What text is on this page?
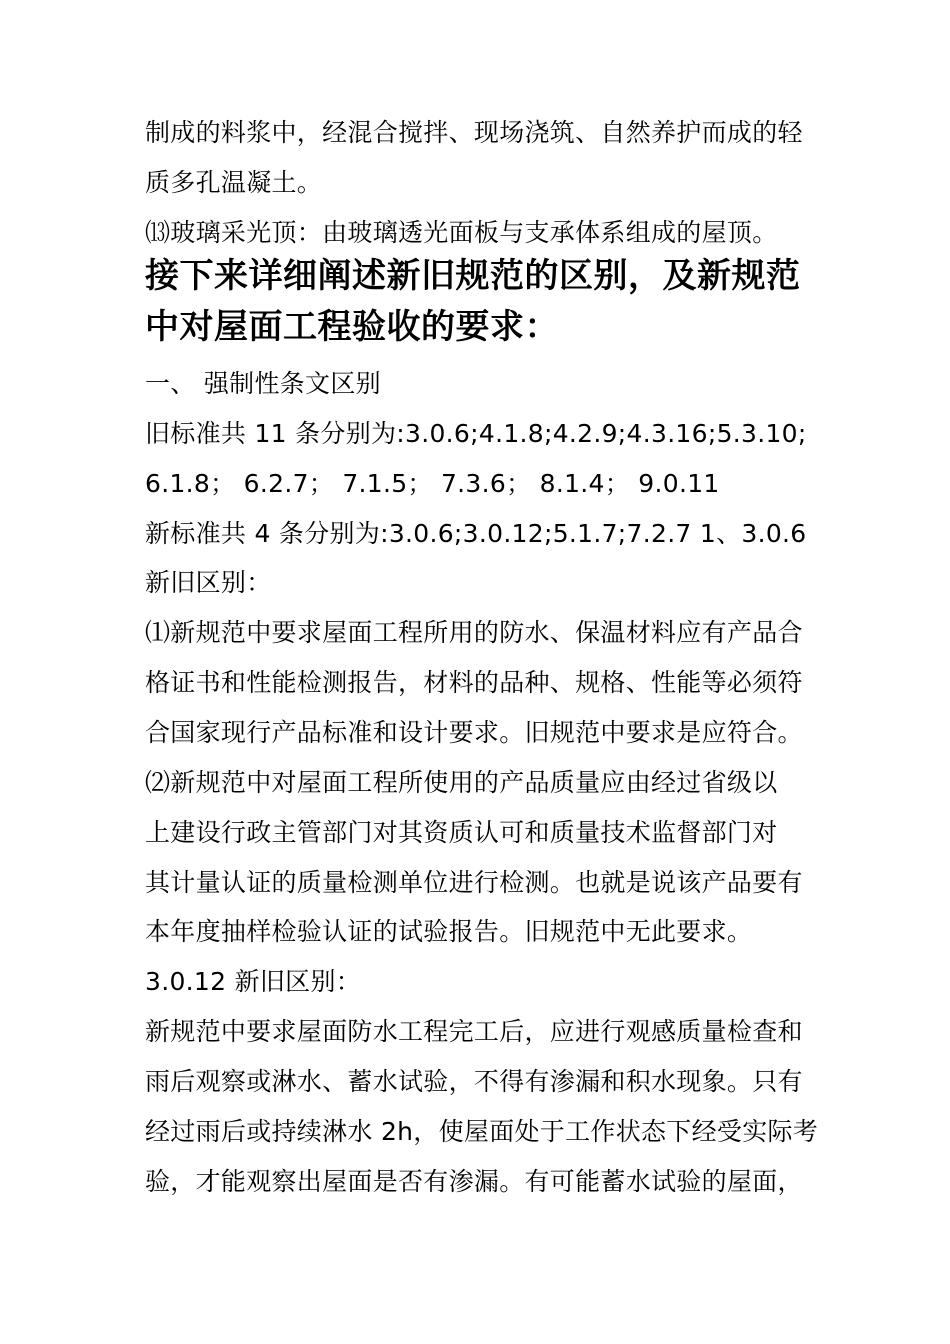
制成的料浆中，经混合搅拌、现场浇筑、自然养护而成的轻
质多孔温凝土。
⒀玻璃采光顶：由玻璃透光面板与支承体系组成的屋顶。
接下来详细阐述新旧规范的区别，及新规范
中对屋面工程验收的要求：
一、 强制性条文区别
旧标准共 11 条分别为:3.0.6;4.1.8;4.2.9;4.3.16;5.3.10;
6.1.8； 6.2.7； 7.1.5； 7.3.6； 8.1.4； 9.0.11
新标准共 4 条分别为:3.0.6;3.0.12;5.1.7;7.2.7 1、3.0.6
新旧区别：
⑴新规范中要求屋面工程所用的防水、保温材料应有产品合
格证书和性能检测报告，材料的品种、规格、性能等必须符
合国家现行产品标准和设计要求。旧规范中要求是应符合。
⑵新规范中对屋面工程所使用的产品质量应由经过省级以
上建设行政主管部门对其资质认可和质量技术监督部门对
其计量认证的质量检测单位进行检测。也就是说该产品要有
本年度抽样检验认证的试验报告。旧规范中无此要求。
3.0.12 新旧区别：
新规范中要求屋面防水工程完工后，应进行观感质量检查和
雨后观察或淋水、蓄水试验，不得有渗漏和积水现象。只有
经过雨后或持续淋水 2h，使屋面处于工作状态下经受实际考
验，才能观察出屋面是否有渗漏。有可能蓄水试验的屋面，
